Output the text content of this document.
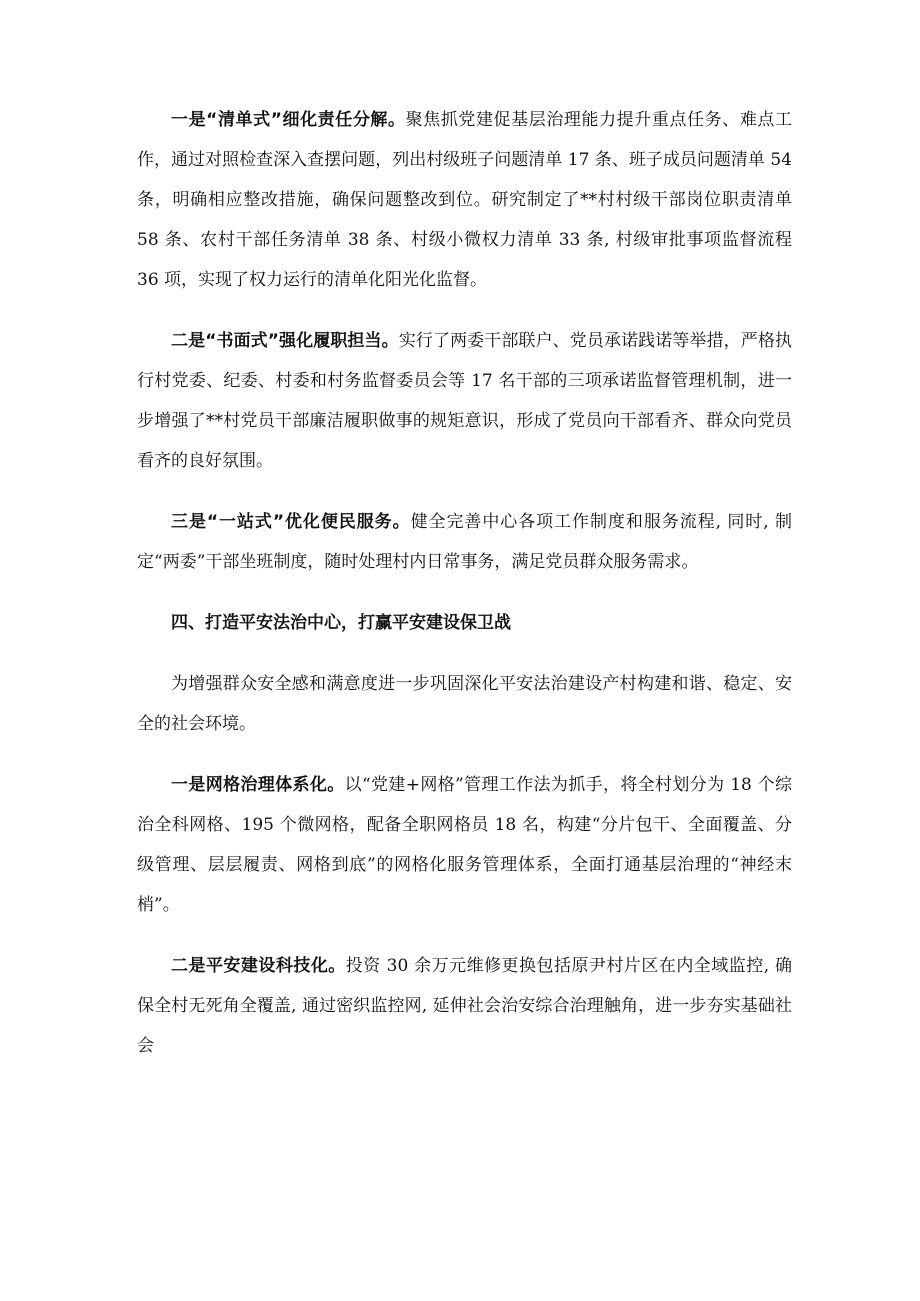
一是“清单式”细化责任分解。聚焦抓党建促基层治理能力提升重点任务、难点工作，通过对照检查深入查摆问题，列出村级班子问题清单 17 条、班子成员问题清单 54 条，明确相应整改措施，确保问题整改到位。研究制定了**村村级干部岗位职责清单 58 条、农村干部任务清单 38 条、村级小微权力清单 33 条, 村级审批事项监督流程 36 项，实现了权力运行的清单化阳光化监督。

二是“书面式”强化履职担当。实行了两委干部联户、党员承诺践诺等举措，严格执行村党委、纪委、村委和村务监督委员会等 17 名干部的三项承诺监督管理机制，进一步增强了**村党员干部廉洁履职做事的规矩意识，形成了党员向干部看齐、群众向党员看齐的良好氛围。

三是“一站式”优化便民服务。健全完善中心各项工作制度和服务流程, 同时, 制定“两委”干部坐班制度，随时处理村内日常事务，满足党员群众服务需求。

四、打造平安法治中心，打赢平安建设保卫战

为增强群众安全感和满意度进一步巩固深化平安法治建设产村构建和谐、稳定、安全的社会环境。

一是网格治理体系化。以“党建+网格”管理工作法为抓手，将全村划分为 18 个综治全科网格、195 个微网格，配备全职网格员 18 名，构建“分片包干、全面覆盖、分级管理、层层履责、网格到底”的网格化服务管理体系，全面打通基层治理的“神经末梢”。

二是平安建设科技化。投资 30 余万元维修更换包括原尹村片区在内全域监控, 确保全村无死角全覆盖, 通过密织监控网, 延伸社会治安综合治理触角，进一步夯实基础社会
